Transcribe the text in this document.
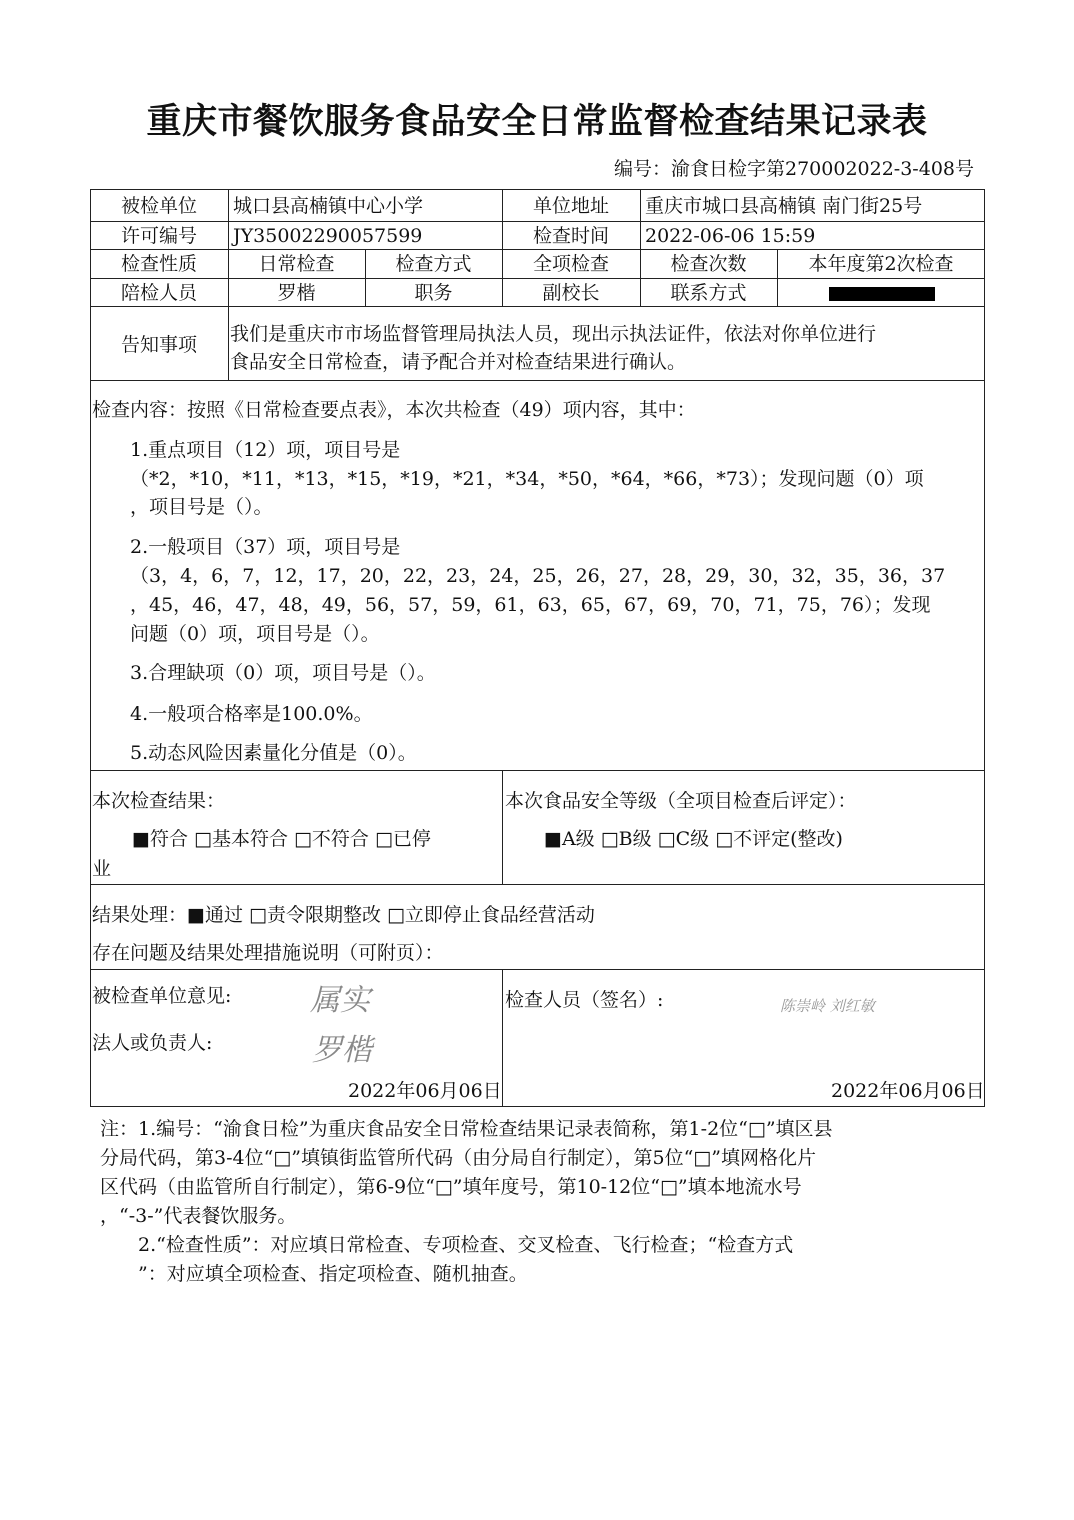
重庆市餐饮服务食品安全日常监督检查结果记录表
编号：渝食日检字第270002022-3-408号
被检单位	城口县高楠镇中心小学	单位地址	重庆市城口县高楠镇 南门街25号
许可编号	JY35002290057599	检查时间	2022-06-06 15:59
检查性质	日常检查	检查方式	全项检查	检查次数	本年度第2次检查
陪检人员	罗楷	职务	副校长	联系方式
告知事项	我们是重庆市市场监督管理局执法人员，现出示执法证件，依法对你单位进行
食品安全日常检查，请予配合并对检查结果进行确认。
检查内容：按照《日常检查要点表》，本次共检查（49）项内容，其中：
1.重点项目（12）项，项目号是
（*2，*10，*11，*13，*15，*19，*21，*34，*50，*64，*66，*73）；发现问题（0）项
，项目号是（）。
2.一般项目（37）项，项目号是
（3，4，6，7，12，17，20，22，23，24，25，26，27，28，29，30，32，35，36，37
，45，46，47，48，49，56，57，59，61，63，65，67，69，70，71，75，76）；发现
问题（0）项，项目号是（）。
3.合理缺项（0）项，项目号是（）。
4.一般项合格率是100.0%。
5.动态风险因素量化分值是（0）。
本次检查结果：
■符合 □基本符合 □不符合 □已停
业
本次食品安全等级（全项目检查后评定）：
■A级 □B级 □C级 □不评定(整改)
结果处理：■通过 □责令限期整改 □立即停止食品经营活动
存在问题及结果处理措施说明（可附页）：
被检查单位意见:	属实
法人或负责人:	罗楷
2022年06月06日
检查人员（签名）:	陈崇岭 刘红敏
2022年06月06日
注：1.编号：“渝食日检”为重庆食品安全日常检查结果记录表简称，第1-2位“□”填区县
分局代码，第3-4位“□”填镇街监管所代码（由分局自行制定），第5位“□”填网格化片
区代码（由监管所自行制定），第6-9位“□”填年度号，第10-12位“□”填本地流水号
，“-3-”代表餐饮服务。
2.“检查性质”：对应填日常检查、专项检查、交叉检查、飞行检查；“检查方式
”：对应填全项检查、指定项检查、随机抽查。
